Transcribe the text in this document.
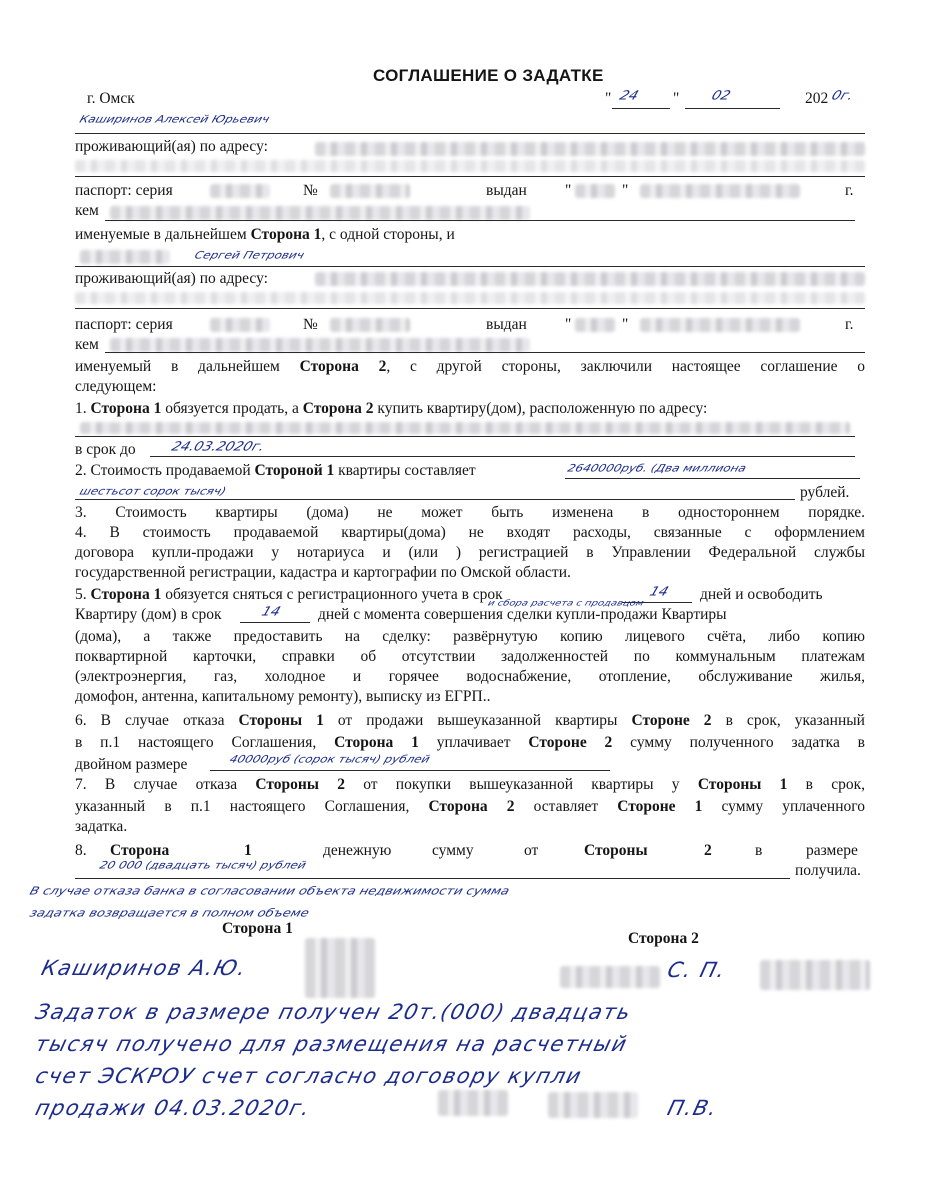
СОГЛАШЕНИЕ О ЗАДАТКЕ
г. Омск	" 24 " 02	202 0г.
Каширинов Алексей Юрьевич
проживающий(ая) по адресу:
паспорт: серия	№	выдан "	"	г.
кем
именуемые в дальнейшем Сторона 1, с одной стороны, и
Сергей Петрович
проживающий(ая) по адресу:
паспорт: серия	№	выдан "	"	г.
кем
именуемый в дальнейшем Сторона 2, с другой стороны, заключили настоящее соглашение о
следующем:
1. Сторона 1 обязуется продать, а Сторона 2 купить квартиру(дом), расположенную по адресу:
в срок до 24.03.2020г.
2. Стоимость продаваемой Стороной 1 квартиры составляет	2640000руб. (Два миллиона
шестьсот сорок тысяч)	рублей.
3. Стоимость квартиры (дома) не может быть изменена в одностороннем порядке.
4. В стоимость продаваемой квартиры(дома) не входят расходы, связанные с оформлением
договора купли-продажи у нотариуса и (или ) регистрацией в Управлении Федеральной службы
государственной регистрации, кадастра и картографии по Омской области.
5. Сторона 1 обязуется сняться с регистрационного учета в срок	14 дней и освободить
Квартиру (дом) в срок	14 дней с момента совершения сделки купли-продажи Квартиры
и сбора расчета с продавцом
(дома), а также предоставить на сделку: развёрнутую копию лицевого счёта, либо копию
поквартирной карточки, справки об отсутствии задолженностей по коммунальным платежам
(электроэнергия, газ, холодное и горячее водоснабжение, отопление, обслуживание жилья,
домофон, антенна, капитальному ремонту), выписку из ЕГРП..
6. В случае отказа Стороны 1 от продажи вышеуказанной квартиры Стороне 2 в срок, указанный
в п.1 настоящего Соглашения, Сторона 1 уплачивает Стороне 2 сумму полученного задатка в
двойном размере	40000руб (сорок тысяч) рублей
7. В случае отказа Стороны 2 от покупки вышеуказанной квартиры у Стороны 1 в срок,
указанный в п.1 настоящего Соглашения, Сторона 2 оставляет Стороне 1 сумму уплаченного
задатка.
8. Сторона	1	денежную	сумму	от	Стороны	2	в	размере
20 000 (двадцать тысяч) рублей	получила.
В случае отказа банка в согласовании объекта недвижимости сумма
задатка возвращается в полном объеме
Сторона 1
Сторона 2
Каширинов А.Ю.	С. П.
Задаток в размере получен 20т.(000) двадцать
тысяч получено для размещения на расчетный
счет ЭСКРОУ счет согласно договору купли
продажи 04.03.2020г.	П.В.
